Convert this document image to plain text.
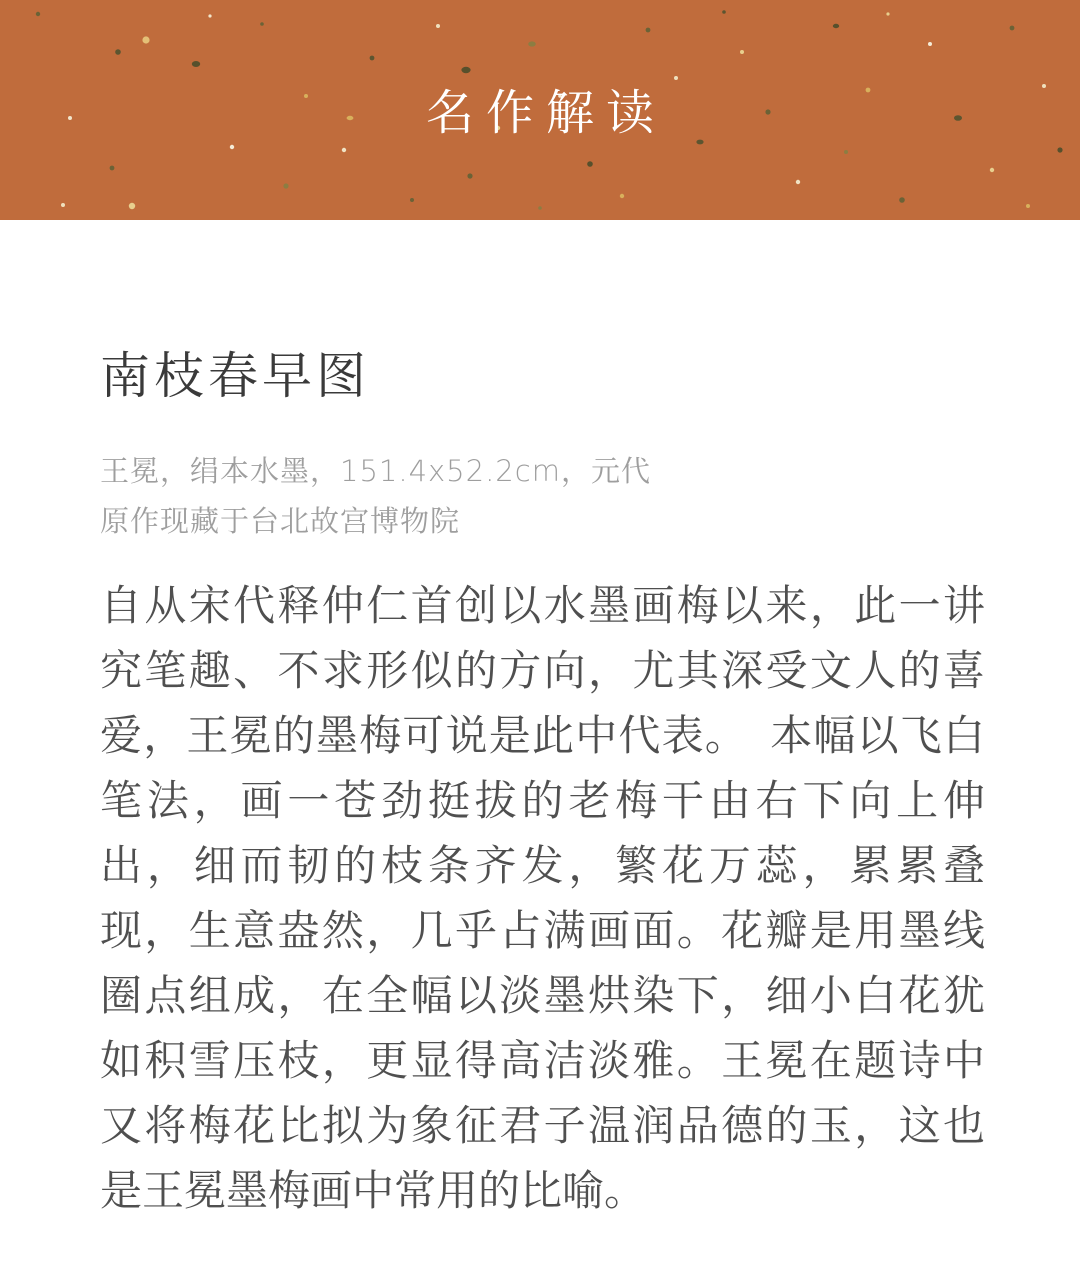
名作解读
南枝春早图
王冕，绢本水墨，151.4x52.2cm，元代
原作现藏于台北故宫博物院
自从宋代释仲仁首创以水墨画梅以来，此一讲
究笔趣、不求形似的方向，尤其深受文人的喜
爱，王冕的墨梅可说是此中代表。　本幅以飞白
笔法，画一苍劲挺拔的老梅干由右下向上伸
出，细而韧的枝条齐发，繁花万蕊，累累叠
现，生意盎然，几乎占满画面。花瓣是用墨线
圈点组成，在全幅以淡墨烘染下，细小白花犹
如积雪压枝，更显得高洁淡雅。王冕在题诗中
又将梅花比拟为象征君子温润品德的玉，这也
是王冕墨梅画中常用的比喻。
